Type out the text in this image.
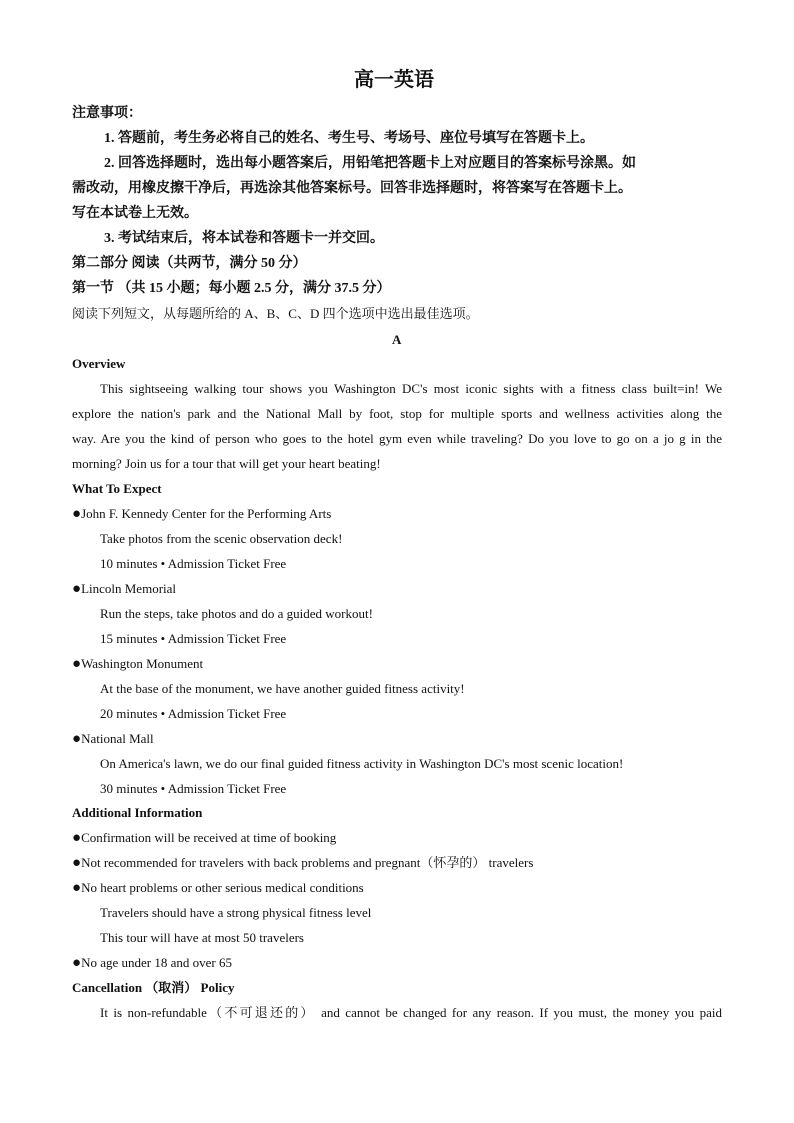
高一英语
注意事项：
1. 答题前，考生务必将自己的姓名、考生号、考场号、座位号填写在答题卡上。
2. 回答选择题时，选出每小题答案后，用铅笔把答题卡上对应题目的答案标号涂黑。如
需改动，用橡皮擦干净后，再选涂其他答案标号。回答非选择题时，将答案写在答题卡上。
写在本试卷上无效。
3. 考试结束后，将本试卷和答题卡一并交回。
第二部分 阅读（共两节，满分 50 分）
第一节 （共 15 小题；每小题 2.5 分，满分 37.5 分）
阅读下列短文，从每题所给的 A、B、C、D 四个选项中选出最佳选项。
A
Overview
This sightseeing walking tour shows you Washington DC's most iconic sights with a fitness class built=in! We
explore the nation's park and the National Mall by foot, stop for multiple sports and wellness activities along the
way. Are you the kind of person who goes to the hotel gym even while traveling? Do you love to go on a jo g in the
morning? Join us for a tour that will get your heart beating!
What To Expect
●John F. Kennedy Center for the Performing Arts
Take photos from the scenic observation deck!
10 minutes • Admission Ticket Free
●Lincoln Memorial
Run the steps, take photos and do a guided workout!
15 minutes • Admission Ticket Free
●Washington Monument
At the base of the monument, we have another guided fitness activity!
20 minutes • Admission Ticket Free
●National Mall
On America's lawn, we do our final guided fitness activity in Washington DC's most scenic location!
30 minutes • Admission Ticket Free
Additional Information
●Confirmation will be received at time of booking
●Not recommended for travelers with back problems and pregnant（怀孕的） travelers
●No heart problems or other serious medical conditions
Travelers should have a strong physical fitness level
This tour will have at most 50 travelers
●No age under 18 and over 65
Cancellation （取消） Policy
It is non-refundable（不可退还的） and cannot be changed for any reason. If you must, the money you paid
